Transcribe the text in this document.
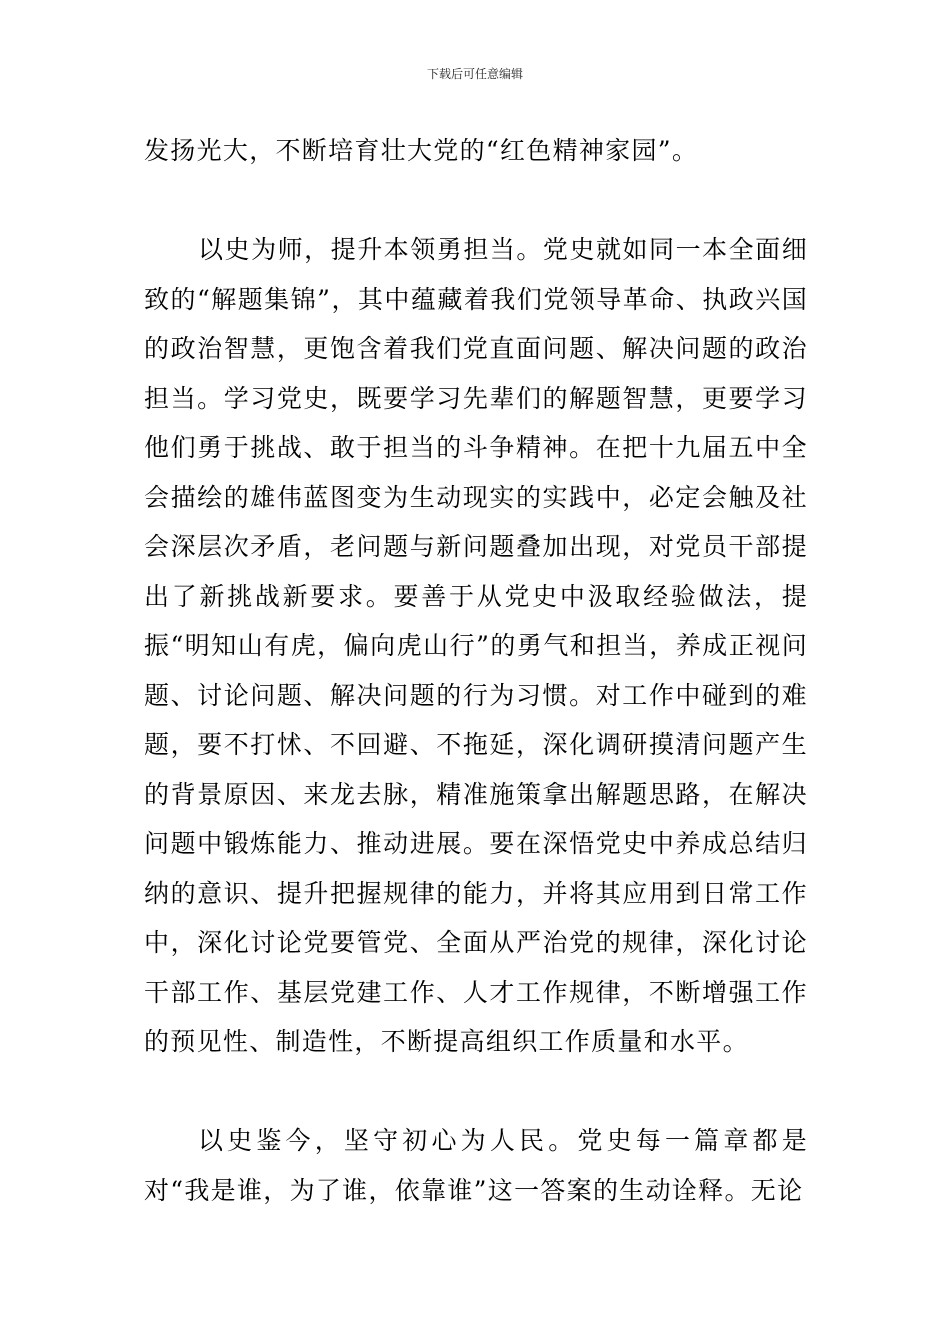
下载后可任意编辑

发扬光大，不断培育壮大党的“红色精神家园”。

以史为师，提升本领勇担当。党史就如同一本全面细致的“解题集锦”，其中蕴藏着我们党领导革命、执政兴国的政治智慧，更饱含着我们党直面问题、解决问题的政治担当。学习党史，既要学习先辈们的解题智慧，更要学习他们勇于挑战、敢于担当的斗争精神。在把十九届五中全会描绘的雄伟蓝图变为生动现实的实践中，必定会触及社会深层次矛盾，老问题与新问题叠加出现，对党员干部提出了新挑战新要求。要善于从党史中汲取经验做法，提振“明知山有虎，偏向虎山行”的勇气和担当，养成正视问题、讨论问题、解决问题的行为习惯。对工作中碰到的难题，要不打怵、不回避、不拖延，深化调研摸清问题产生的背景原因、来龙去脉，精准施策拿出解题思路，在解决问题中锻炼能力、推动进展。要在深悟党史中养成总结归纳的意识、提升把握规律的能力，并将其应用到日常工作中，深化讨论党要管党、全面从严治党的规律，深化讨论干部工作、基层党建工作、人才工作规律，不断增强工作的预见性、制造性，不断提高组织工作质量和水平。

以史鉴今，坚守初心为人民。党史每一篇章都是对“我是谁，为了谁，依靠谁”这一答案的生动诠释。无论
